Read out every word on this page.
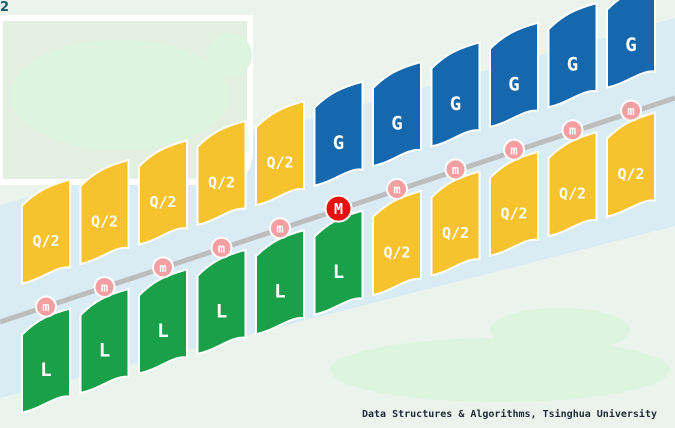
Q/2
L
Q/2
L
Q/2
L
Q/2
L
Q/2
L
G
L
G
Q/2
G
Q/2
G
Q/2
G
Q/2
G
Q/2
m
m
m
m
m
M
m
m
m
m
m
2
Data Structures & Algorithms, Tsinghua University
